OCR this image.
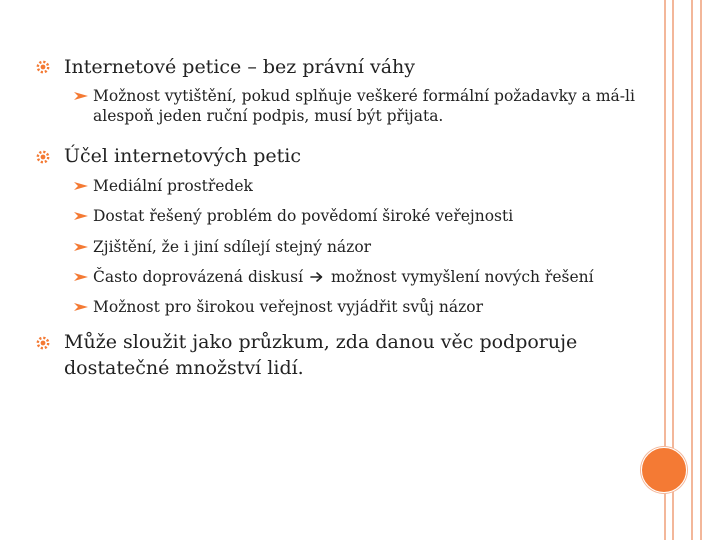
Internetové petice – bez právní váhy

Možnost vytištění, pokud splňuje veškeré formální požadavky a má-li alespoň jeden ruční podpis, musí být přijata.

Účel internetových petic

Mediální prostředek

Dostat řešený problém do povědomí široké veřejnosti

Zjištění, že i jiní sdílejí stejný názor

Často doprovázená diskusí možnost vymyšlení nových řešení

Možnost pro širokou veřejnost vyjádřit svůj názor

Může sloužit jako průzkum, zda danou věc podporuje dostatečné množství lidí.
